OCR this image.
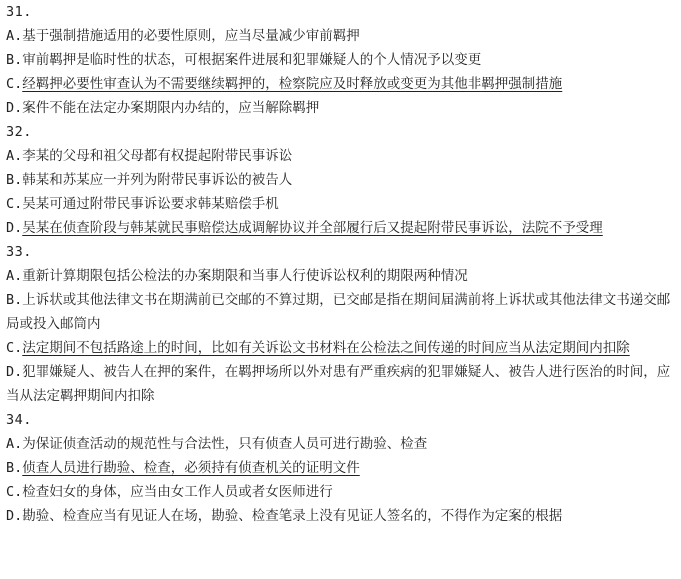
31.
A.基于强制措施适用的必要性原则，应当尽量减少审前羁押
B.审前羁押是临时性的状态，可根据案件进展和犯罪嫌疑人的个人情况予以变更
C.经羁押必要性审查认为不需要继续羁押的，检察院应及时释放或变更为其他非羁押强制措施
D.案件不能在法定办案期限内办结的，应当解除羁押
32.
A.李某的父母和祖父母都有权提起附带民事诉讼
B.韩某和苏某应一并列为附带民事诉讼的被告人
C.吴某可通过附带民事诉讼要求韩某赔偿手机
D.吴某在侦查阶段与韩某就民事赔偿达成调解协议并全部履行后又提起附带民事诉讼，法院不予受理
33.
A.重新计算期限包括公检法的办案期限和当事人行使诉讼权利的期限两种情况
B.上诉状或其他法律文书在期满前已交邮的不算过期，已交邮是指在期间届满前将上诉状或其他法律文书递交邮局或投入邮筒内
C.法定期间不包括路途上的时间，比如有关诉讼文书材料在公检法之间传递的时间应当从法定期间内扣除
D.犯罪嫌疑人、被告人在押的案件，在羁押场所以外对患有严重疾病的犯罪嫌疑人、被告人进行医治的时间，应当从法定羁押期间内扣除
34.
A.为保证侦查活动的规范性与合法性，只有侦查人员可进行勘验、检查
B.侦查人员进行勘验、检查，必须持有侦查机关的证明文件
C.检查妇女的身体，应当由女工作人员或者女医师进行
D.勘验、检查应当有见证人在场，勘验、检查笔录上没有见证人签名的，不得作为定案的根据
